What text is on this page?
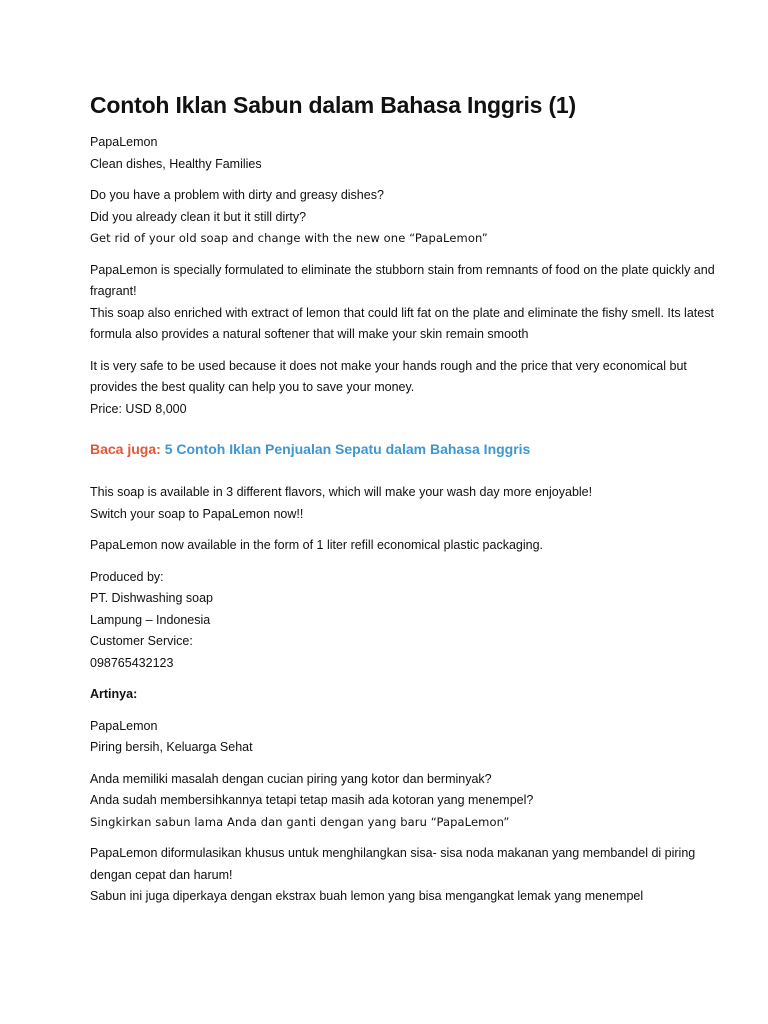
Contoh Iklan Sabun dalam Bahasa Inggris (1)

PapaLemon
Clean dishes, Healthy Families

Do you have a problem with dirty and greasy dishes?
Did you already clean it but it still dirty?
Get rid of your old soap and change with the new one “PapaLemon”

PapaLemon is specially formulated to eliminate the stubborn stain from remnants of food on the plate quickly and fragrant!
This soap also enriched with extract of lemon that could lift fat on the plate and eliminate the fishy smell. Its latest formula also provides a natural softener that will make your skin remain smooth

It is very safe to be used because it does not make your hands rough and the price that very economical but provides the best quality can help you to save your money.
Price: USD 8,000

Baca juga: 5 Contoh Iklan Penjualan Sepatu dalam Bahasa Inggris

This soap is available in 3 different flavors, which will make your wash day more enjoyable!
Switch your soap to PapaLemon now!!

PapaLemon now available in the form of 1 liter refill economical plastic packaging.

Produced by:
PT. Dishwashing soap
Lampung – Indonesia
Customer Service:
098765432123

Artinya:

PapaLemon
Piring bersih, Keluarga Sehat

Anda memiliki masalah dengan cucian piring yang kotor dan berminyak?
Anda sudah membersihkannya tetapi tetap masih ada kotoran yang menempel?
Singkirkan sabun lama Anda dan ganti dengan yang baru “PapaLemon”

PapaLemon diformulasikan khusus untuk menghilangkan sisa- sisa noda makanan yang membandel di piring dengan cepat dan harum!
Sabun ini juga diperkaya dengan ekstrax buah lemon yang bisa mengangkat lemak yang menempel
